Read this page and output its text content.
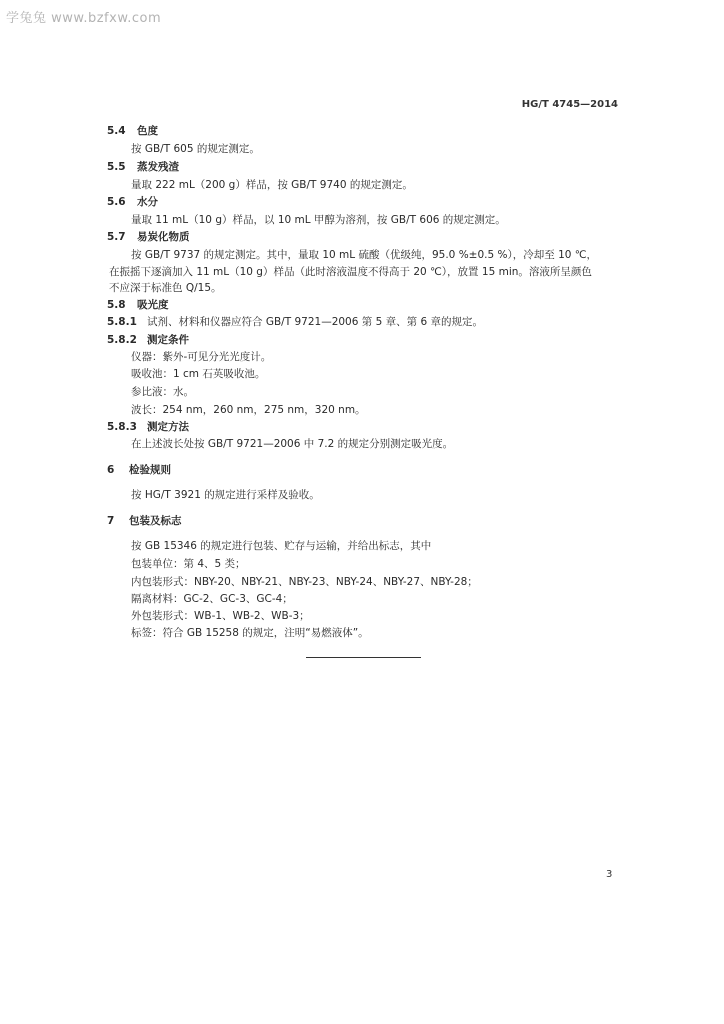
学兔兔 www.bzfxw.com
HG/T 4745—2014
5.4 色度
按 GB/T 605 的规定测定。
5.5 蒸发残渣
量取 222 mL（200 g）样品，按 GB/T 9740 的规定测定。
5.6 水分
量取 11 mL（10 g）样品，以 10 mL 甲醇为溶剂，按 GB/T 606 的规定测定。
5.7 易炭化物质
按 GB/T 9737 的规定测定。其中，量取 10 mL 硫酸（优级纯，95.0 %±0.5 %），冷却至 10 ℃，
在振摇下逐滴加入 11 mL（10 g）样品（此时溶液温度不得高于 20 ℃），放置 15 min。溶液所呈颜色
不应深于标准色 Q/15。
5.8 吸光度
5.8.1 试剂、材料和仪器应符合 GB/T 9721—2006 第 5 章、第 6 章的规定。
5.8.2 测定条件
仪器：紫外-可见分光光度计。
吸收池：1 cm 石英吸收池。
参比液：水。
波长：254 nm，260 nm，275 nm，320 nm。
5.8.3 测定方法
在上述波长处按 GB/T 9721—2006 中 7.2 的规定分别测定吸光度。
6 检验规则
按 HG/T 3921 的规定进行采样及验收。
7 包装及标志
按 GB 15346 的规定进行包装、贮存与运输，并给出标志，其中
包装单位：第 4、5 类；
内包装形式：NBY-20、NBY-21、NBY-23、NBY-24、NBY-27、NBY-28；
隔离材料：GC-2、GC-3、GC-4；
外包装形式：WB-1、WB-2、WB-3；
标签：符合 GB 15258 的规定，注明“易燃液体”。
3
